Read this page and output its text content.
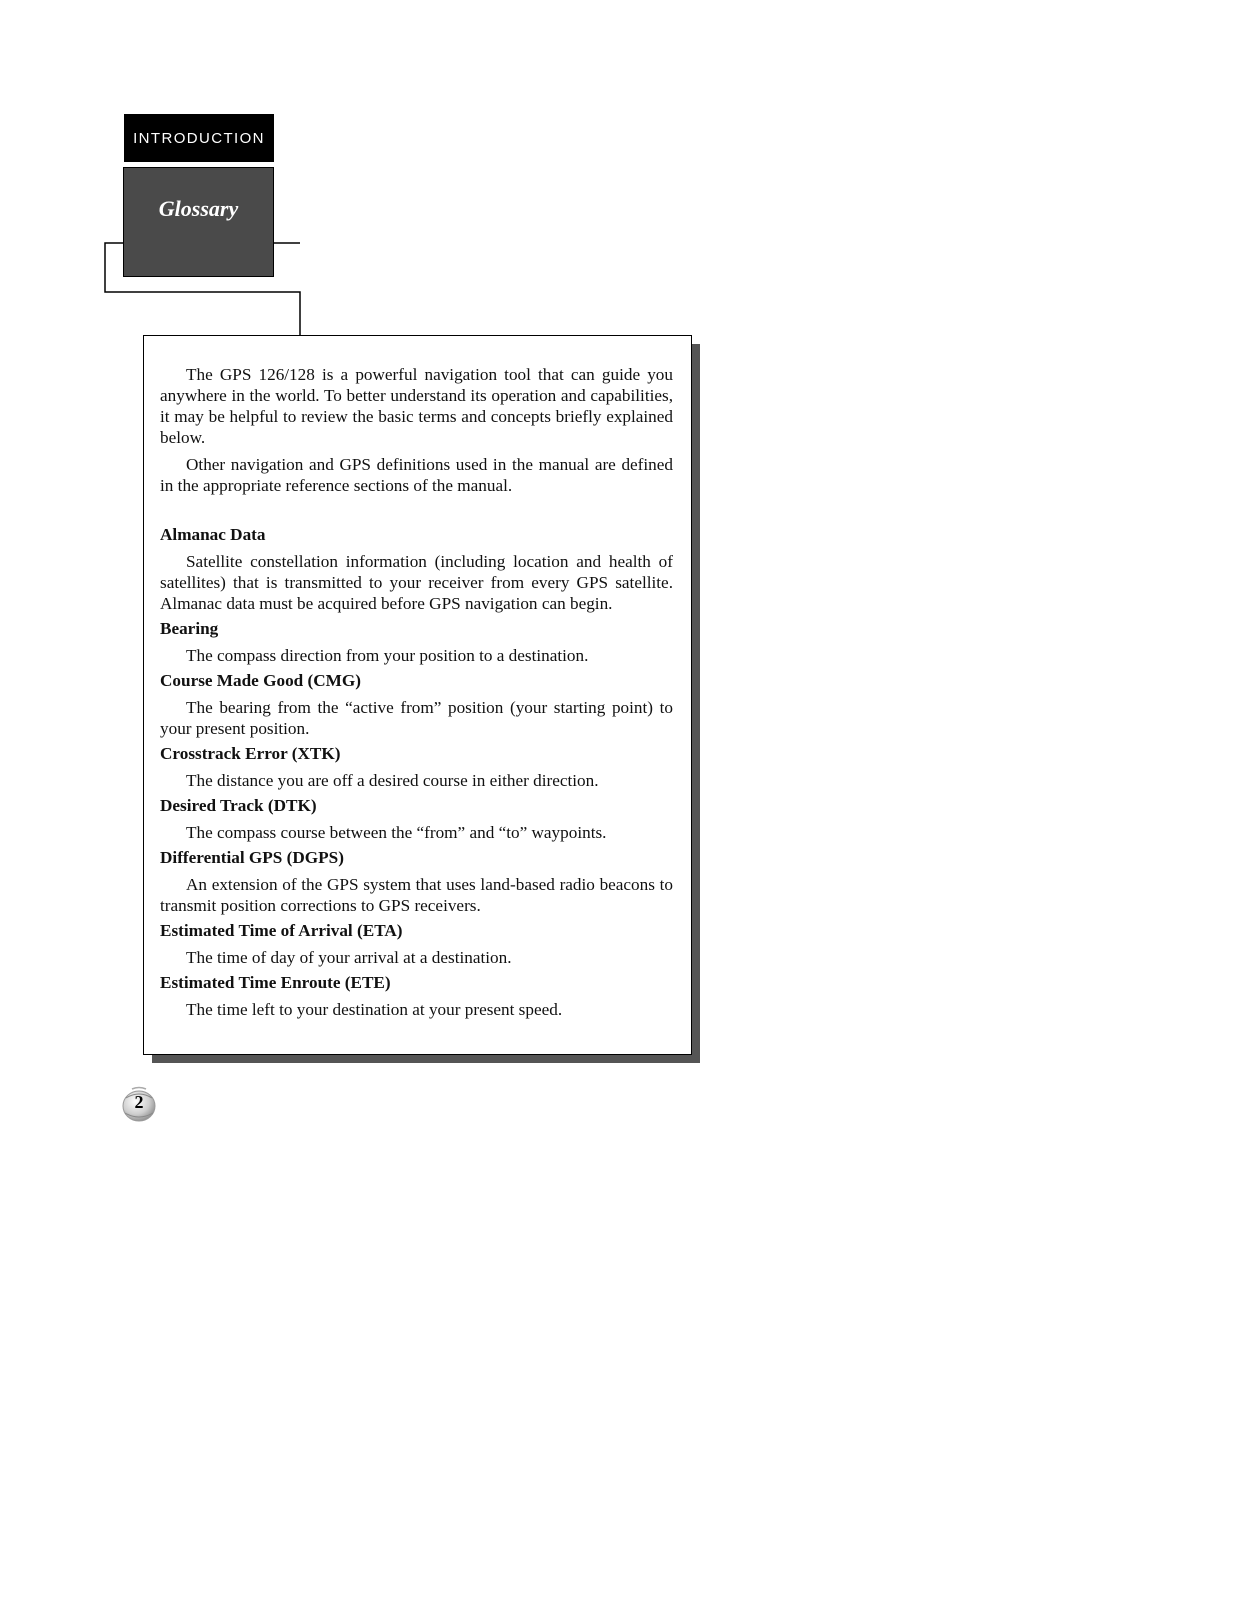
INTRODUCTION
Glossary

The GPS 126/128 is a powerful navigation tool that can guide you anywhere in the world. To better understand its operation and capabilities, it may be helpful to review the basic terms and concepts briefly explained below.

Other navigation and GPS definitions used in the manual are defined in the appropriate reference sections of the manual.

Almanac Data

Satellite constellation information (including location and health of satellites) that is transmitted to your receiver from every GPS satellite. Almanac data must be acquired before GPS navigation can begin.

Bearing

The compass direction from your position to a destination.

Course Made Good (CMG)

The bearing from the “active from” position (your starting point) to your present position.

Crosstrack Error (XTK)

The distance you are off a desired course in either direction.

Desired Track (DTK)

The compass course between the “from” and “to” waypoints.

Differential GPS (DGPS)

An extension of the GPS system that uses land-based radio beacons to transmit position corrections to GPS receivers.

Estimated Time of Arrival (ETA)

The time of day of your arrival at a destination.

Estimated Time Enroute (ETE)

The time left to your destination at your present speed.

2
